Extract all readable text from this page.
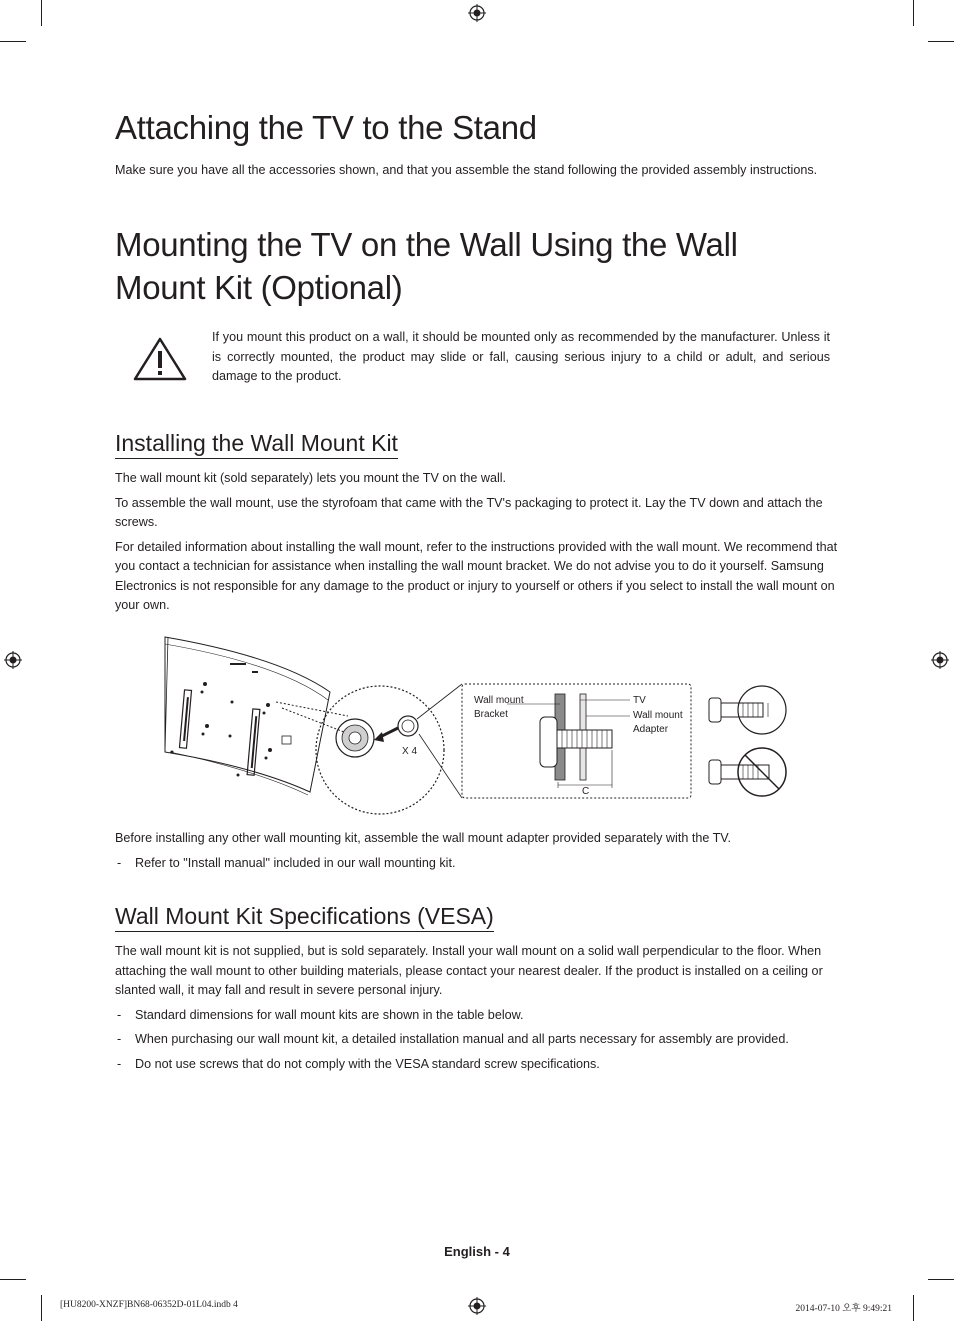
Attaching the TV to the Stand

Make sure you have all the accessories shown, and that you assemble the stand following the provided assembly instructions.

Mounting the TV on the Wall Using the Wall Mount Kit (Optional)

If you mount this product on a wall, it should be mounted only as recommended by the manufacturer. Unless it is correctly mounted, the product may slide or fall, causing serious injury to a child or adult, and serious damage to the product.

Installing the Wall Mount Kit

The wall mount kit (sold separately) lets you mount the TV on the wall.

To assemble the wall mount, use the styrofoam that came with the TV's packaging to protect it. Lay the TV down and attach the screws.

For detailed information about installing the wall mount, refer to the instructions provided with the wall mount. We recommend that you contact a technician for assistance when installing the wall mount bracket. We do not advise you to do it yourself. Samsung Electronics is not responsible for any damage to the product or injury to yourself or others if you select to install the wall mount on your own.

X 4
Wall mount
Bracket
TV
Wall mount
Adapter
C

Before installing any other wall mounting kit, assemble the wall mount adapter provided separately with the TV.

- Refer to "Install manual" included in our wall mounting kit.
Wall Mount Kit Specifications (VESA)

The wall mount kit is not supplied, but is sold separately. Install your wall mount on a solid wall perpendicular to the floor. When attaching the wall mount to other building materials, please contact your nearest dealer. If the product is installed on a ceiling or slanted wall, it may fall and result in severe personal injury.

- Standard dimensions for wall mount kits are shown in the table below.
- When purchasing our wall mount kit, a detailed installation manual and all parts necessary for assembly are provided.
- Do not use screws that do not comply with the VESA standard screw specifications.
English - 4
[HU8200-XNZF]BN68-06352D-01L04.indb 4	2014-07-10 오후 9:49:21
